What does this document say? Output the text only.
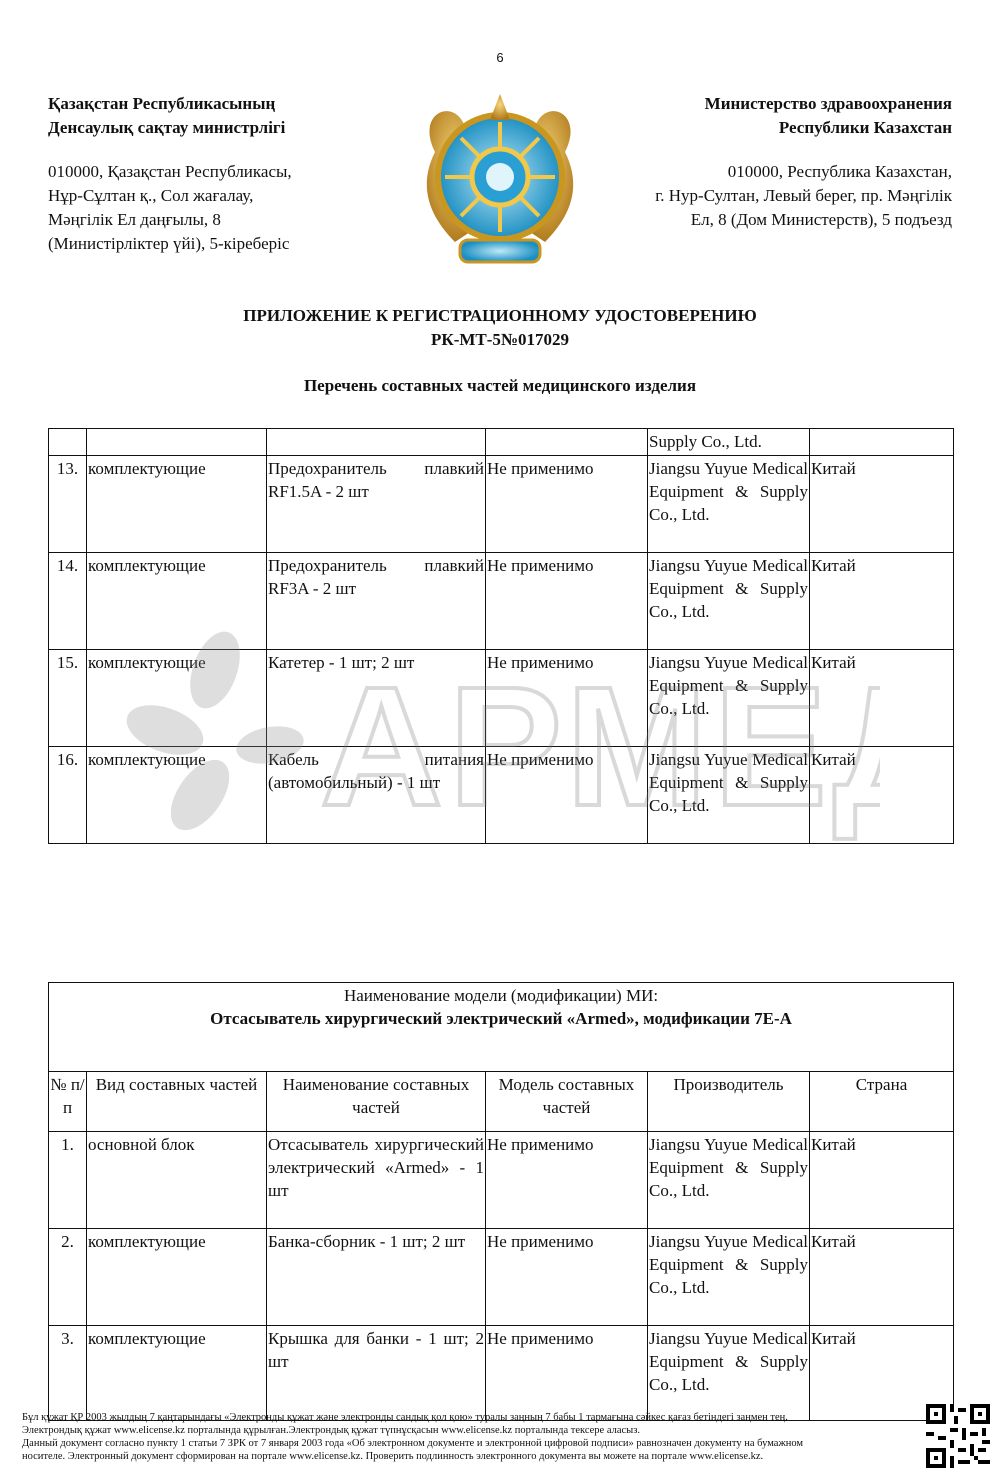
6
Қазақстан Республикасының
Денсаулық сақтау министрлігі
010000, Қазақстан Республикасы,
Нұр-Сұлтан қ., Сол жағалау,
Мәңгілік Ел даңғылы, 8
(Министірліктер үйі), 5-кіреберіс
Министерство здравоохранения
Республики Казахстан
010000, Республика Казахстан,
г. Нур-Султан, Левый берег, пр. Мәңгілік
Ел, 8 (Дом Министерств), 5 подъезд
ПРИЛОЖЕНИЕ К РЕГИСТРАЦИОННОМУ УДОСТОВЕРЕНИЮ
РК-МТ-5№017029
Перечень составных частей медицинского изделия
				Supply Co., Ltd.	
13.	комплектующие	Предохранитель плавкий RF1.5A - 2 шт	Не применимо	Jiangsu Yuyue Medical Equipment & Supply Co., Ltd.	Китай
14.	комплектующие	Предохранитель плавкий RF3A - 2 шт	Не применимо	Jiangsu Yuyue Medical Equipment & Supply Co., Ltd.	Китай
15.	комплектующие	Катетер - 1 шт; 2 шт	Не применимо	Jiangsu Yuyue Medical Equipment & Supply Co., Ltd.	Китай
16.	комплектующие	Кабель питания (автомобильный) - 1 шт	Не применимо	Jiangsu Yuyue Medical Equipment & Supply Co., Ltd.	Китай
АРМЕ
Наименование модели (модификации) МИ:
Отсасыватель хирургический электрический «Armed», модификации 7E-A					

№ п/п	Вид составных частей	Наименование составных частей	Модель составных частей	Производитель	Страна
1.	основной блок	Отсасыватель хирургический электрический «Armed» - 1 шт	Не применимо	Jiangsu Yuyue Medical Equipment & Supply Co., Ltd.	Китай
2.	комплектующие	Банка-сборник - 1 шт; 2 шт	Не применимо	Jiangsu Yuyue Medical Equipment & Supply Co., Ltd.	Китай
3.	комплектующие	Крышка для банки - 1 шт; 2 шт	Не применимо	Jiangsu Yuyue Medical Equipment & Supply Co., Ltd.	Китай
Бұл құжат ҚР 2003 жылдың 7 қаңтарындағы «Электронды құжат және электронды сандық қол қою» туралы заңның 7 бабы 1 тармағына сәйкес қағаз бетіндегі заңмен тең.
Электрондық құжат www.elicense.kz порталында құрылған.Электрондық құжат түпнұсқасын www.elicense.kz порталында тексере аласыз.
Данный документ согласно пункту 1 статьи 7 ЗРК от 7 января 2003 года «Об электронном документе и электронной цифровой подписи» равнозначен документу на бумажном
носителе. Электронный документ сформирован на портале www.elicense.kz. Проверить подлинность электронного документа вы можете на портале www.elicense.kz.
